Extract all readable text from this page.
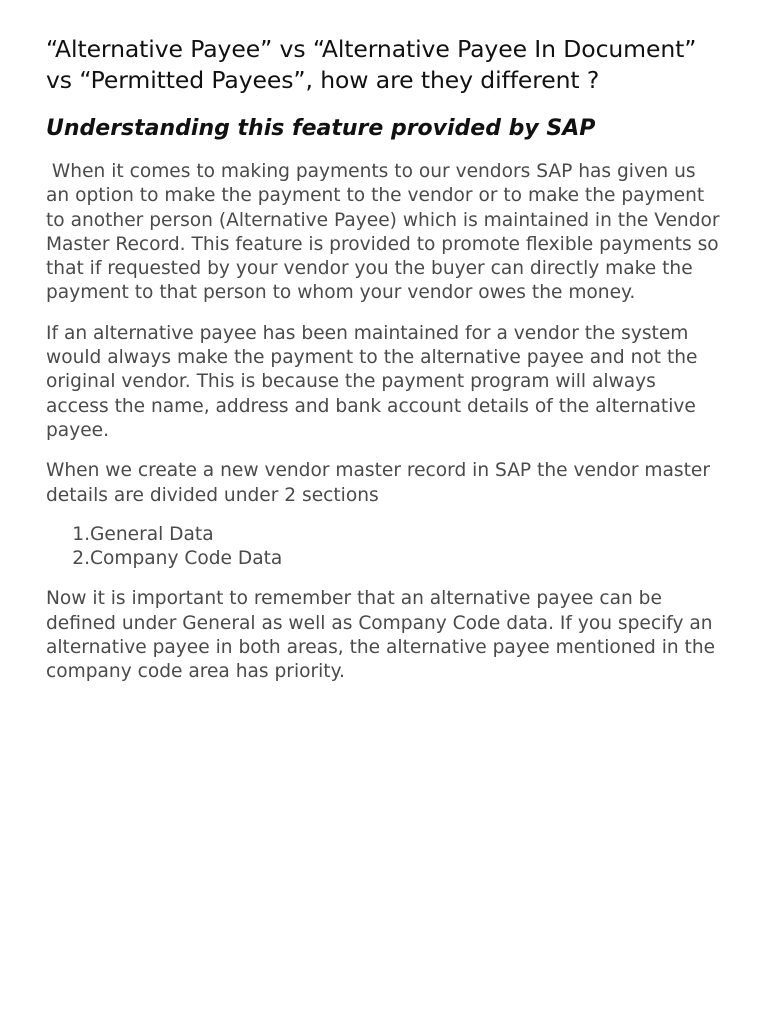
“Alternative Payee” vs “Alternative Payee In Document” vs “Permitted Payees”, how are they different ?
Understanding this feature provided by SAP

When it comes to making payments to our vendors SAP has given us an option to make the payment to the vendor or to make the payment to another person (Alternative Payee) which is maintained in the Vendor Master Record. This feature is provided to promote flexible payments so that if requested by your vendor you the buyer can directly make the payment to that person to whom your vendor owes the money.

If an alternative payee has been maintained for a vendor the system would always make the payment to the alternative payee and not the original vendor. This is because the payment program will always access the name, address and bank account details of the alternative payee.

When we create a new vendor master record in SAP the vendor master details are divided under 2 sections

1. General Data
2. Company Code Data

Now it is important to remember that an alternative payee can be defined under General as well as Company Code data. If you specify an alternative payee in both areas, the alternative payee mentioned in the company code area has priority.
